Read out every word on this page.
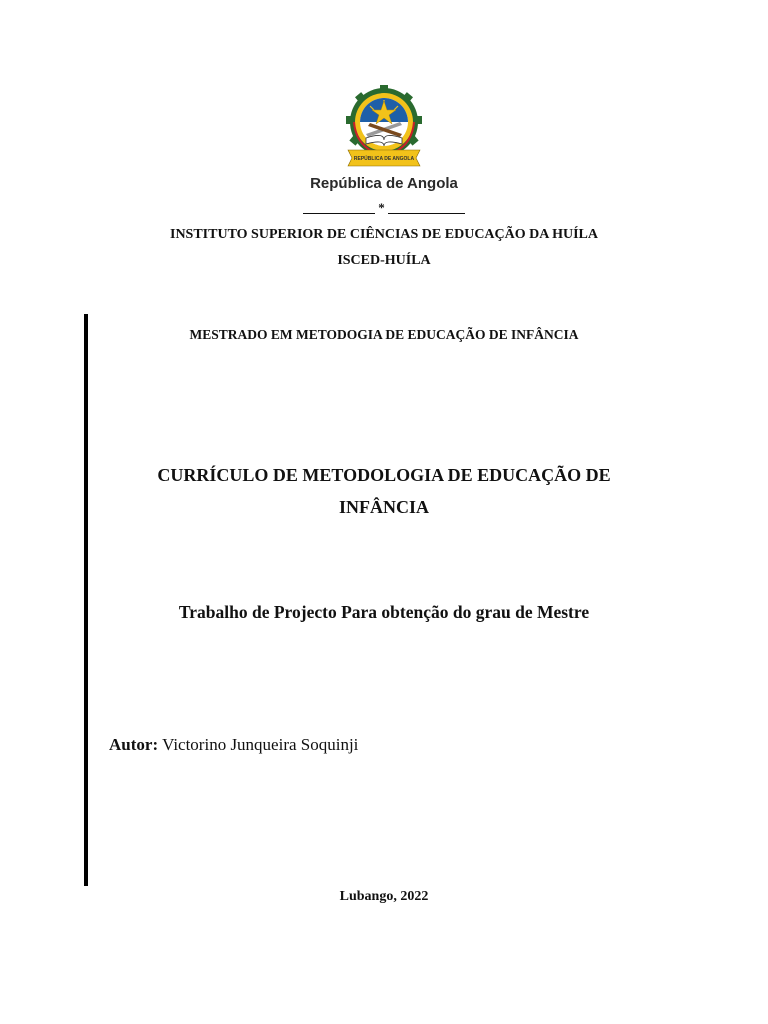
REPÚBLICA DE ANGOLA
República de Angola
*
INSTITUTO SUPERIOR DE CIÊNCIAS DE EDUCAÇÃO DA HUÍLA
ISCED-HUÍLA
MESTRADO EM METODOGIA DE EDUCAÇÃO DE INFÂNCIA
CURRÍCULO DE METODOLOGIA DE EDUCAÇÃO DE
INFÂNCIA
Trabalho de Projecto Para obtenção do grau de Mestre
Autor: Victorino Junqueira Soquinji
Lubango, 2022
